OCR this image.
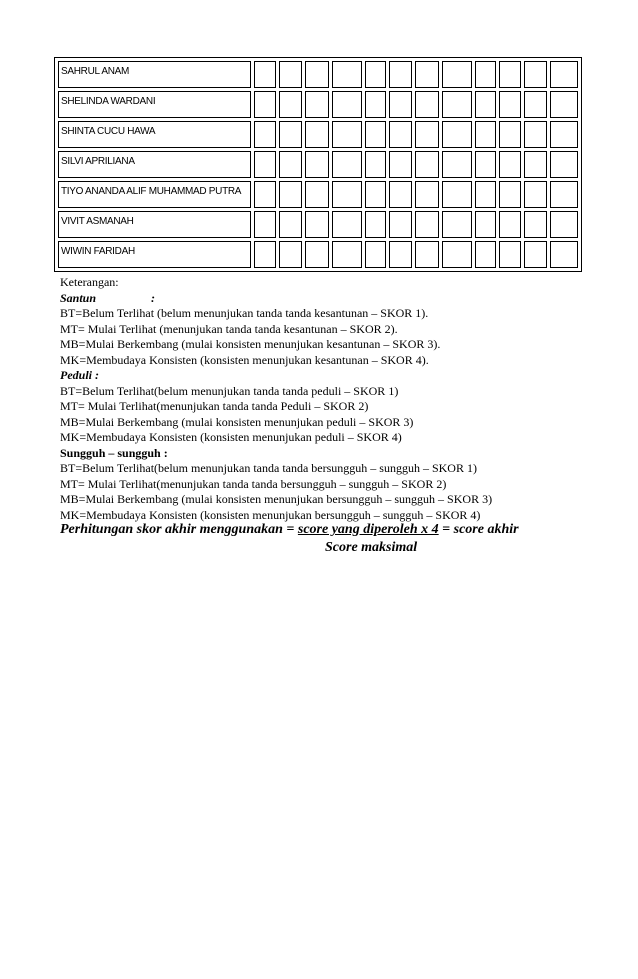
SAHRUL ANAM												
SHELINDA WARDANI												
SHINTA CUCU HAWA												
SILVI APRILIANA												
TIYO ANANDA ALIF MUHAMMAD PUTRA												
VIVIT ASMANAH												
WIWIN FARIDAH												
Keterangan:
Santun	:
BT=Belum Terlihat (belum menunjukan tanda tanda kesantunan – SKOR 1).
MT= Mulai Terlihat (menunjukan tanda tanda kesantunan – SKOR 2).
MB=Mulai Berkembang (mulai konsisten menunjukan kesantunan – SKOR 3).
MK=Membudaya Konsisten (konsisten menunjukan kesantunan – SKOR 4).
Peduli :
BT=Belum Terlihat(belum menunjukan tanda tanda peduli – SKOR 1)
MT= Mulai Terlihat(menunjukan tanda tanda Peduli – SKOR 2)
MB=Mulai Berkembang (mulai konsisten menunjukan peduli – SKOR 3)
MK=Membudaya Konsisten (konsisten menunjukan peduli – SKOR 4)
Sungguh – sungguh :
BT=Belum Terlihat(belum menunjukan tanda tanda bersungguh – sungguh – SKOR 1)
MT= Mulai Terlihat(menunjukan tanda tanda bersungguh – sungguh – SKOR 2)
MB=Mulai Berkembang (mulai konsisten menunjukan bersungguh – sungguh – SKOR 3)
MK=Membudaya Konsisten (konsisten menunjukan bersungguh – sungguh – SKOR 4)
Perhitungan skor akhir menggunakan = score yang diperoleh x 4 = score akhir
Score maksimal
